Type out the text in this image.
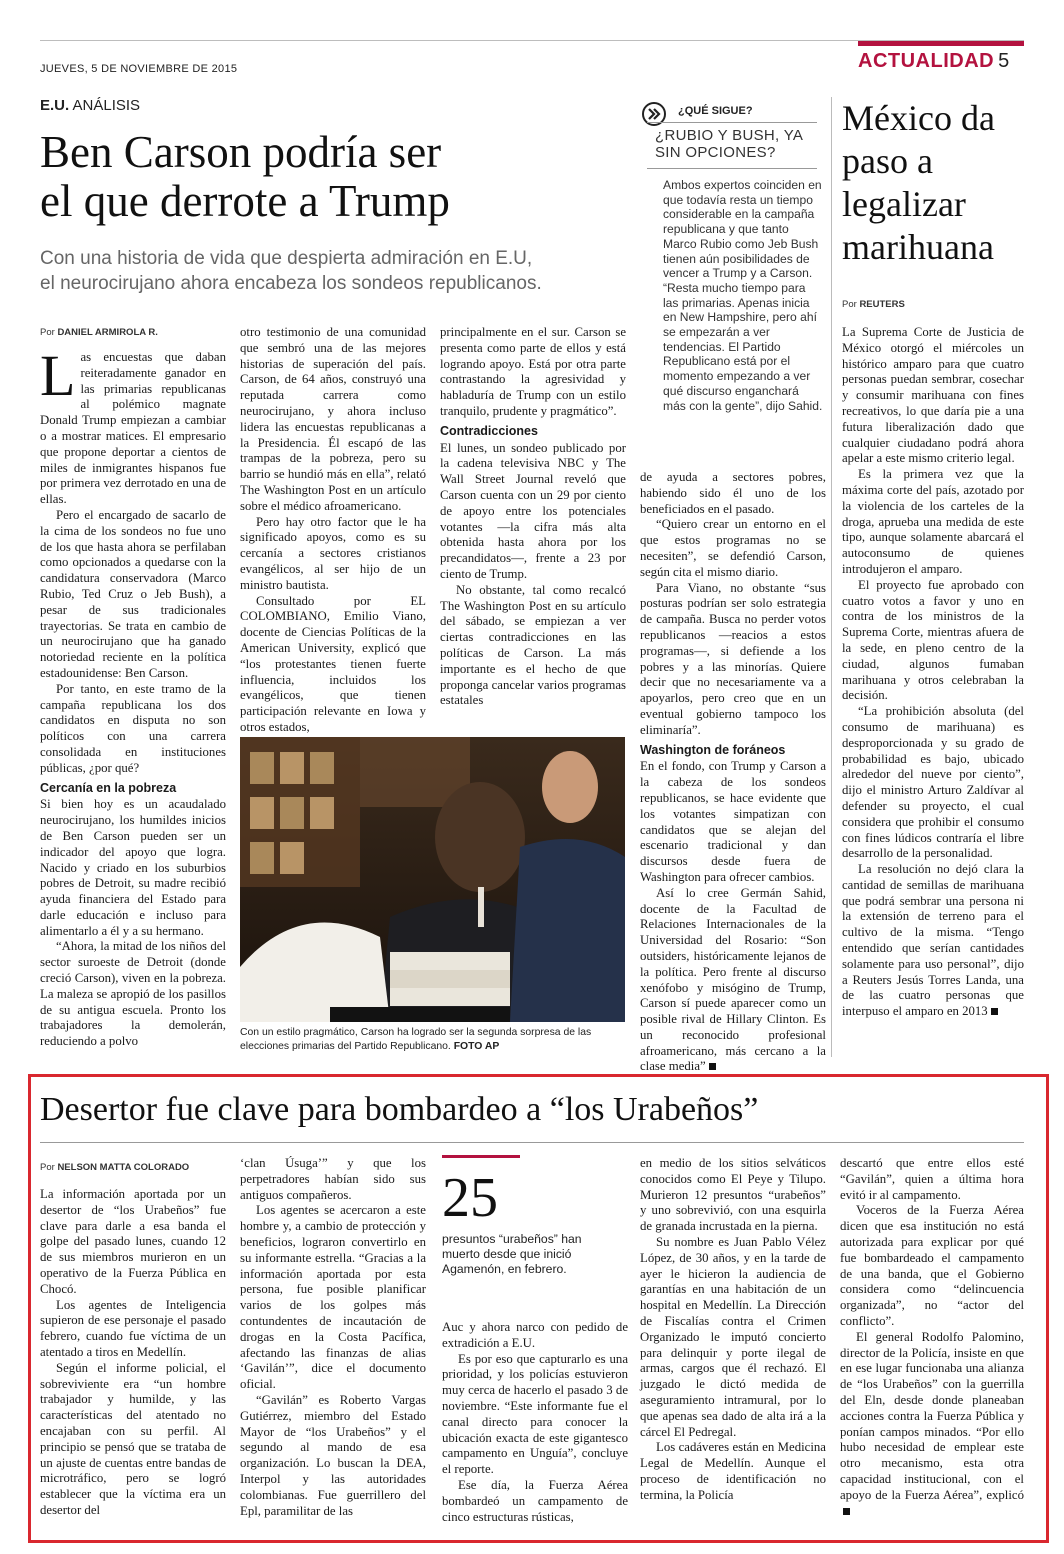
JUEVES, 5 DE NOVIEMBRE DE 2015	ACTUALIDAD 5
E.U. ANÁLISIS
Ben Carson podría ser
el que derrote a Trump
Con una historia de vida que despierta admiración en E.U,
el neurocirujano ahora encabeza los sondeos republicanos.
Por DANIEL ARMIROLA R.

Las encuestas que daban reiteradamente ganador en las primarias republicanas al polémico magnate Donald Trump empiezan a cambiar o a mostrar matices. El empresario que propone deportar a cientos de miles de inmigrantes hispanos fue por primera vez derrotado en una de ellas.

Pero el encargado de sacarlo de la cima de los sondeos no fue uno de los que hasta ahora se perfilaban como opcionados a quedarse con la candidatura conservadora (Marco Rubio, Ted Cruz o Jeb Bush), a pesar de sus tradicionales trayectorias. Se trata en cambio de un neurocirujano que ha ganado notoriedad reciente en la política estadounidense: Ben Carson.

Por tanto, en este tramo de la campaña republicana los dos candidatos en disputa no son políticos con una carrera consolidada en instituciones públicas, ¿por qué?

Cercanía en la pobreza

Si bien hoy es un acaudalado neurocirujano, los humildes inicios de Ben Carson pueden ser un indicador del apoyo que logra. Nacido y criado en los suburbios pobres de Detroit, su madre recibió ayuda financiera del Estado para darle educación e incluso para alimentarlo a él y a su hermano.

“Ahora, la mitad de los niños del sector suroeste de Detroit (donde creció Carson), viven en la pobreza. La maleza se apropió de los pasillos de su antigua escuela. Pronto los trabajadores la demolerán, reduciendo a polvo

otro testimonio de una comunidad que sembró una de las mejores historias de superación del país. Carson, de 64 años, construyó una reputada carrera como neurocirujano, y ahora incluso lidera las encuestas republicanas a la Presidencia. Él escapó de las trampas de la pobreza, pero su barrio se hundió más en ella”, relató The Washington Post en un artículo sobre el médico afroamericano.

Pero hay otro factor que le ha significado apoyos, como es su cercanía a sectores cristianos evangélicos, al ser hijo de un ministro bautista.

Consultado por EL COLOMBIANO, Emilio Viano, docente de Ciencias Políticas de la American University, explicó que “los protestantes tienen fuerte influencia, incluidos los evangélicos, que tienen participación relevante en Iowa y otros estados,

principalmente en el sur. Carson se presenta como parte de ellos y está logrando apoyo. Está por otra parte contrastando la agresividad y habladuría de Trump con un estilo tranquilo, prudente y pragmático”.

Contradicciones

El lunes, un sondeo publicado por la cadena televisiva NBC y The Wall Street Journal reveló que Carson cuenta con un 29 por ciento de apoyo entre los potenciales votantes —la cifra más alta obtenida hasta ahora por los precandidatos—, frente a 23 por ciento de Trump.

No obstante, tal como recalcó The Washington Post en su artículo del sábado, se empiezan a ver ciertas contradicciones en las políticas de Carson. La más importante es el hecho de que proponga cancelar varios programas estatales

de ayuda a sectores pobres, habiendo sido él uno de los beneficiados en el pasado.

“Quiero crear un entorno en el que estos programas no se necesiten”, se defendió Carson, según cita el mismo diario.

Para Viano, no obstante “sus posturas podrían ser solo estrategia de campaña. Busca no perder votos republicanos —reacios a estos programas—, si defiende a los pobres y a las minorías. Quiere decir que no necesariamente va a apoyarlos, pero creo que en un eventual gobierno tampoco los eliminaría”.

Washington de foráneos

En el fondo, con Trump y Carson a la cabeza de los sondeos republicanos, se hace evidente que los votantes simpatizan con candidatos que se alejan del escenario tradicional y dan discursos desde fuera de Washington para ofrecer cambios.

Así lo cree Germán Sahid, docente de la Facultad de Relaciones Internacionales de la Universidad del Rosario: “Son outsiders, históricamente lejanos de la política. Pero frente al discurso xenófobo y misógino de Trump, Carson sí puede aparecer como un posible rival de Hillary Clinton. Es un reconocido profesional afroamericano, más cercano a la clase media”

Con un estilo pragmático, Carson ha logrado ser la segunda sorpresa de las elecciones primarias del Partido Republicano. FOTO AP
¿QUÉ SIGUE?
¿RUBIO Y BUSH, YA SIN OPCIONES?
Ambos expertos coinciden en que todavía resta un tiempo considerable en la campaña republicana y que tanto Marco Rubio como Jeb Bush tienen aún posibilidades de vencer a Trump y a Carson. “Resta mucho tiempo para las primarias. Apenas inicia en New Hampshire, pero ahí se empezarán a ver tendencias. El Partido Republicano está por el momento empezando a ver qué discurso enganchará más con la gente”, dijo Sahid.
México da paso a legalizar marihuana
Por REUTERS

La Suprema Corte de Justicia de México otorgó el miércoles un histórico amparo para que cuatro personas puedan sembrar, cosechar y consumir marihuana con fines recreativos, lo que daría pie a una futura liberalización dado que cualquier ciudadano podrá ahora apelar a este mismo criterio legal.

Es la primera vez que la máxima corte del país, azotado por la violencia de los carteles de la droga, aprueba una medida de este tipo, aunque solamente abarcará el autoconsumo de quienes introdujeron el amparo.

El proyecto fue aprobado con cuatro votos a favor y uno en contra de los ministros de la Suprema Corte, mientras afuera de la sede, en pleno centro de la ciudad, algunos fumaban marihuana y otros celebraban la decisión.

“La prohibición absoluta (del consumo de marihuana) es desproporcionada y su grado de probabilidad es bajo, ubicado alrededor del nueve por ciento”, dijo el ministro Arturo Zaldívar al defender su proyecto, el cual considera que prohibir el consumo con fines lúdicos contraría el libre desarrollo de la personalidad.

La resolución no dejó clara la cantidad de semillas de marihuana que podrá sembrar una persona ni la extensión de terreno para el cultivo de la misma. “Tengo entendido que serían cantidades solamente para uso personal”, dijo a Reuters Jesús Torres Landa, una de las cuatro personas que interpuso el amparo en 2013

Desertor fue clave para bombardeo a “los Urabeños”
Por NELSON MATTA COLORADO

La información aportada por un desertor de “los Urabeños” fue clave para darle a esa banda el golpe del pasado lunes, cuando 12 de sus miembros murieron en un operativo de la Fuerza Pública en Chocó.

Los agentes de Inteligencia supieron de ese personaje el pasado febrero, cuando fue víctima de un atentado a tiros en Medellín.

Según el informe policial, el sobreviviente era “un hombre trabajador y humilde, y las características del atentado no encajaban con su perfil. Al principio se pensó que se trataba de un ajuste de cuentas entre bandas de microtráfico, pero se logró establecer que la víctima era un desertor del

‘clan Úsuga’” y que los perpetradores habían sido sus antiguos compañeros.

Los agentes se acercaron a este hombre y, a cambio de protección y beneficios, lograron convertirlo en su informante estrella. “Gracias a la información aportada por esta persona, fue posible planificar varios de los golpes más contundentes de incautación de drogas en la Costa Pacífica, afectando las finanzas de alias ‘Gavilán’”, dice el documento oficial.

“Gavilán” es Roberto Vargas Gutiérrez, miembro del Estado Mayor de “los Urabeños” y el segundo al mando de esa organización. Lo buscan la DEA, Interpol y las autoridades colombianas. Fue guerrillero del Epl, paramilitar de las

25
presuntos “urabeños” han muerto desde que inició Agamenón, en febrero.

Auc y ahora narco con pedido de extradición a E.U.

Es por eso que capturarlo es una prioridad, y los policías estuvieron muy cerca de hacerlo el pasado 3 de noviembre. “Este informante fue el canal directo para conocer la ubicación exacta de este gigantesco campamento en Unguía”, concluye el reporte.

Ese día, la Fuerza Aérea bombardeó un campamento de cinco estructuras rústicas,

en medio de los sitios selváticos conocidos como El Peye y Tilupo. Murieron 12 presuntos “urabeños” y uno sobrevivió, con una esquirla de granada incrustada en la pierna.

Su nombre es Juan Pablo Vélez López, de 30 años, y en la tarde de ayer le hicieron la audiencia de garantías en una habitación de un hospital en Medellín. La Dirección de Fiscalías contra el Crimen Organizado le imputó concierto para delinquir y porte ilegal de armas, cargos que él rechazó. El juzgado le dictó medida de aseguramiento intramural, por lo que apenas sea dado de alta irá a la cárcel El Pedregal.

Los cadáveres están en Medicina Legal de Medellín. Aunque el proceso de identificación no termina, la Policía

descartó que entre ellos esté “Gavilán”, quien a última hora evitó ir al campamento.

Voceros de la Fuerza Aérea dicen que esa institución no está autorizada para explicar por qué fue bombardeado el campamento de una banda, que el Gobierno considera como “delincuencia organizada”, no “actor del conflicto”.

El general Rodolfo Palomino, director de la Policía, insiste en que en ese lugar funcionaba una alianza de “los Urabeños” con la guerrilla del Eln, desde donde planeaban acciones contra la Fuerza Pública y ponían campos minados. “Por ello hubo necesidad de emplear este otro mecanismo, esta otra capacidad institucional, con el apoyo de la Fuerza Aérea”, explicó
